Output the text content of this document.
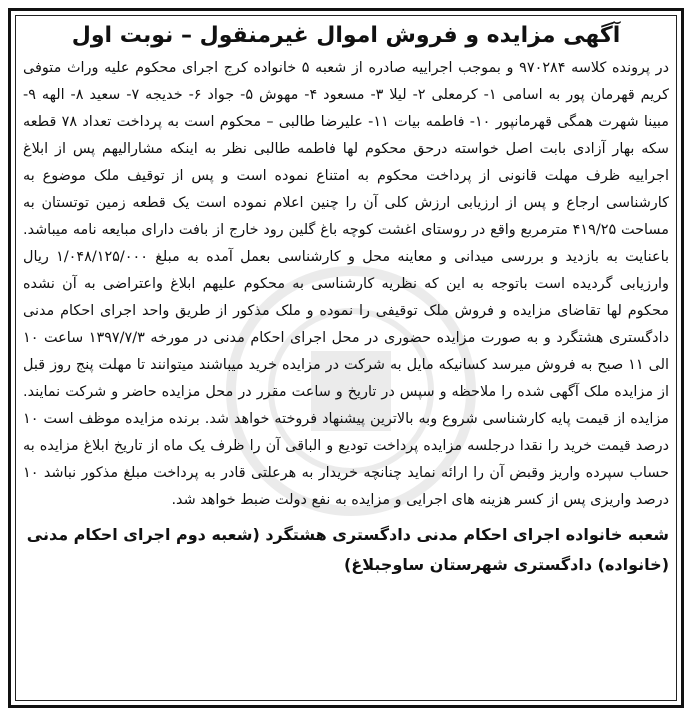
آگهی مزایده و فروش اموال غیرمنقول – نوبت اول

در پرونده کلاسه ۹۷۰۲۸۴ و بموجب اجراییه صادره از شعبه ۵ خانواده کرج اجرای محکوم علیه وراث متوفی کریم قهرمان پور به اسامی ۱- کرمعلی ۲- لیلا ۳- مسعود ۴- مهوش ۵- جواد ۶- خدیجه ۷- سعید ۸- الهه ۹- مبینا شهرت همگی قهرمانپور ۱۰- فاطمه بیات ۱۱- علیرضا طالبی – محکوم است به پرداخت تعداد ۷۸ قطعه سکه بهار آزادی بابت اصل خواسته درحق محکوم لها فاطمه طالبی نظر به اینکه مشارالیهم پس از ابلاغ اجراییه ظرف مهلت قانونی از پرداخت محکوم به امتناع نموده است و پس از توقیف ملک موضوع به کارشناسی ارجاع و پس از ارزیابی ارزش کلی آن را چنین اعلام نموده است یک قطعه زمین توتستان به مساحت ۴۱۹/۲۵ مترمربع واقع در روستای اغشت کوچه باغ گلین رود خارج از بافت دارای مبایعه نامه میباشد. باعنایت به بازدید و بررسی میدانی و معاینه محل و کارشناسی بعمل آمده به مبلغ ۱/۰۴۸/۱۲۵/۰۰۰ ریال وارزیابی گردیده است باتوجه به این که نظریه کارشناسی به محکوم علیهم ابلاغ واعتراضی به آن نشده محکوم لها تقاضای مزایده و فروش ملک توقیفی را نموده و ملک مذکور از طریق واحد اجرای احکام مدنی دادگستری هشتگرد و به صورت مزایده حضوری در محل اجرای احکام مدنی در مورخه ۱۳۹۷/۷/۳ ساعت ۱۰ الی ۱۱ صبح به فروش میرسد کسانیکه مایل به شرکت در مزایده خرید میباشند میتوانند تا مهلت پنج روز قبل از مزایده ملک آگهی شده را ملاحظه و سپس در تاریخ و ساعت مقرر در محل مزایده حاضر و شرکت نمایند. مزایده از قیمت پایه کارشناسی شروع وبه بالاترین پیشنهاد فروخته خواهد شد. برنده مزایده موظف است ۱۰ درصد قیمت خرید را نقدا درجلسه مزایده پرداخت تودیع و الباقی آن را ظرف یک ماه از تاریخ ابلاغ مزایده به حساب سپرده واریز وقبض آن را ارائه نماید چنانچه خریدار به هرعلتی قادر به پرداخت مبلغ مذکور نباشد ۱۰ درصد واریزی پس از کسر هزینه های اجرایی و مزایده به نفع دولت ضبط خواهد شد.

شعبه خانواده اجرای احکام مدنی دادگستری هشتگرد (شعبه دوم اجرای احکام مدنی (خانواده) دادگستری شهرستان ساوجبلاغ)
